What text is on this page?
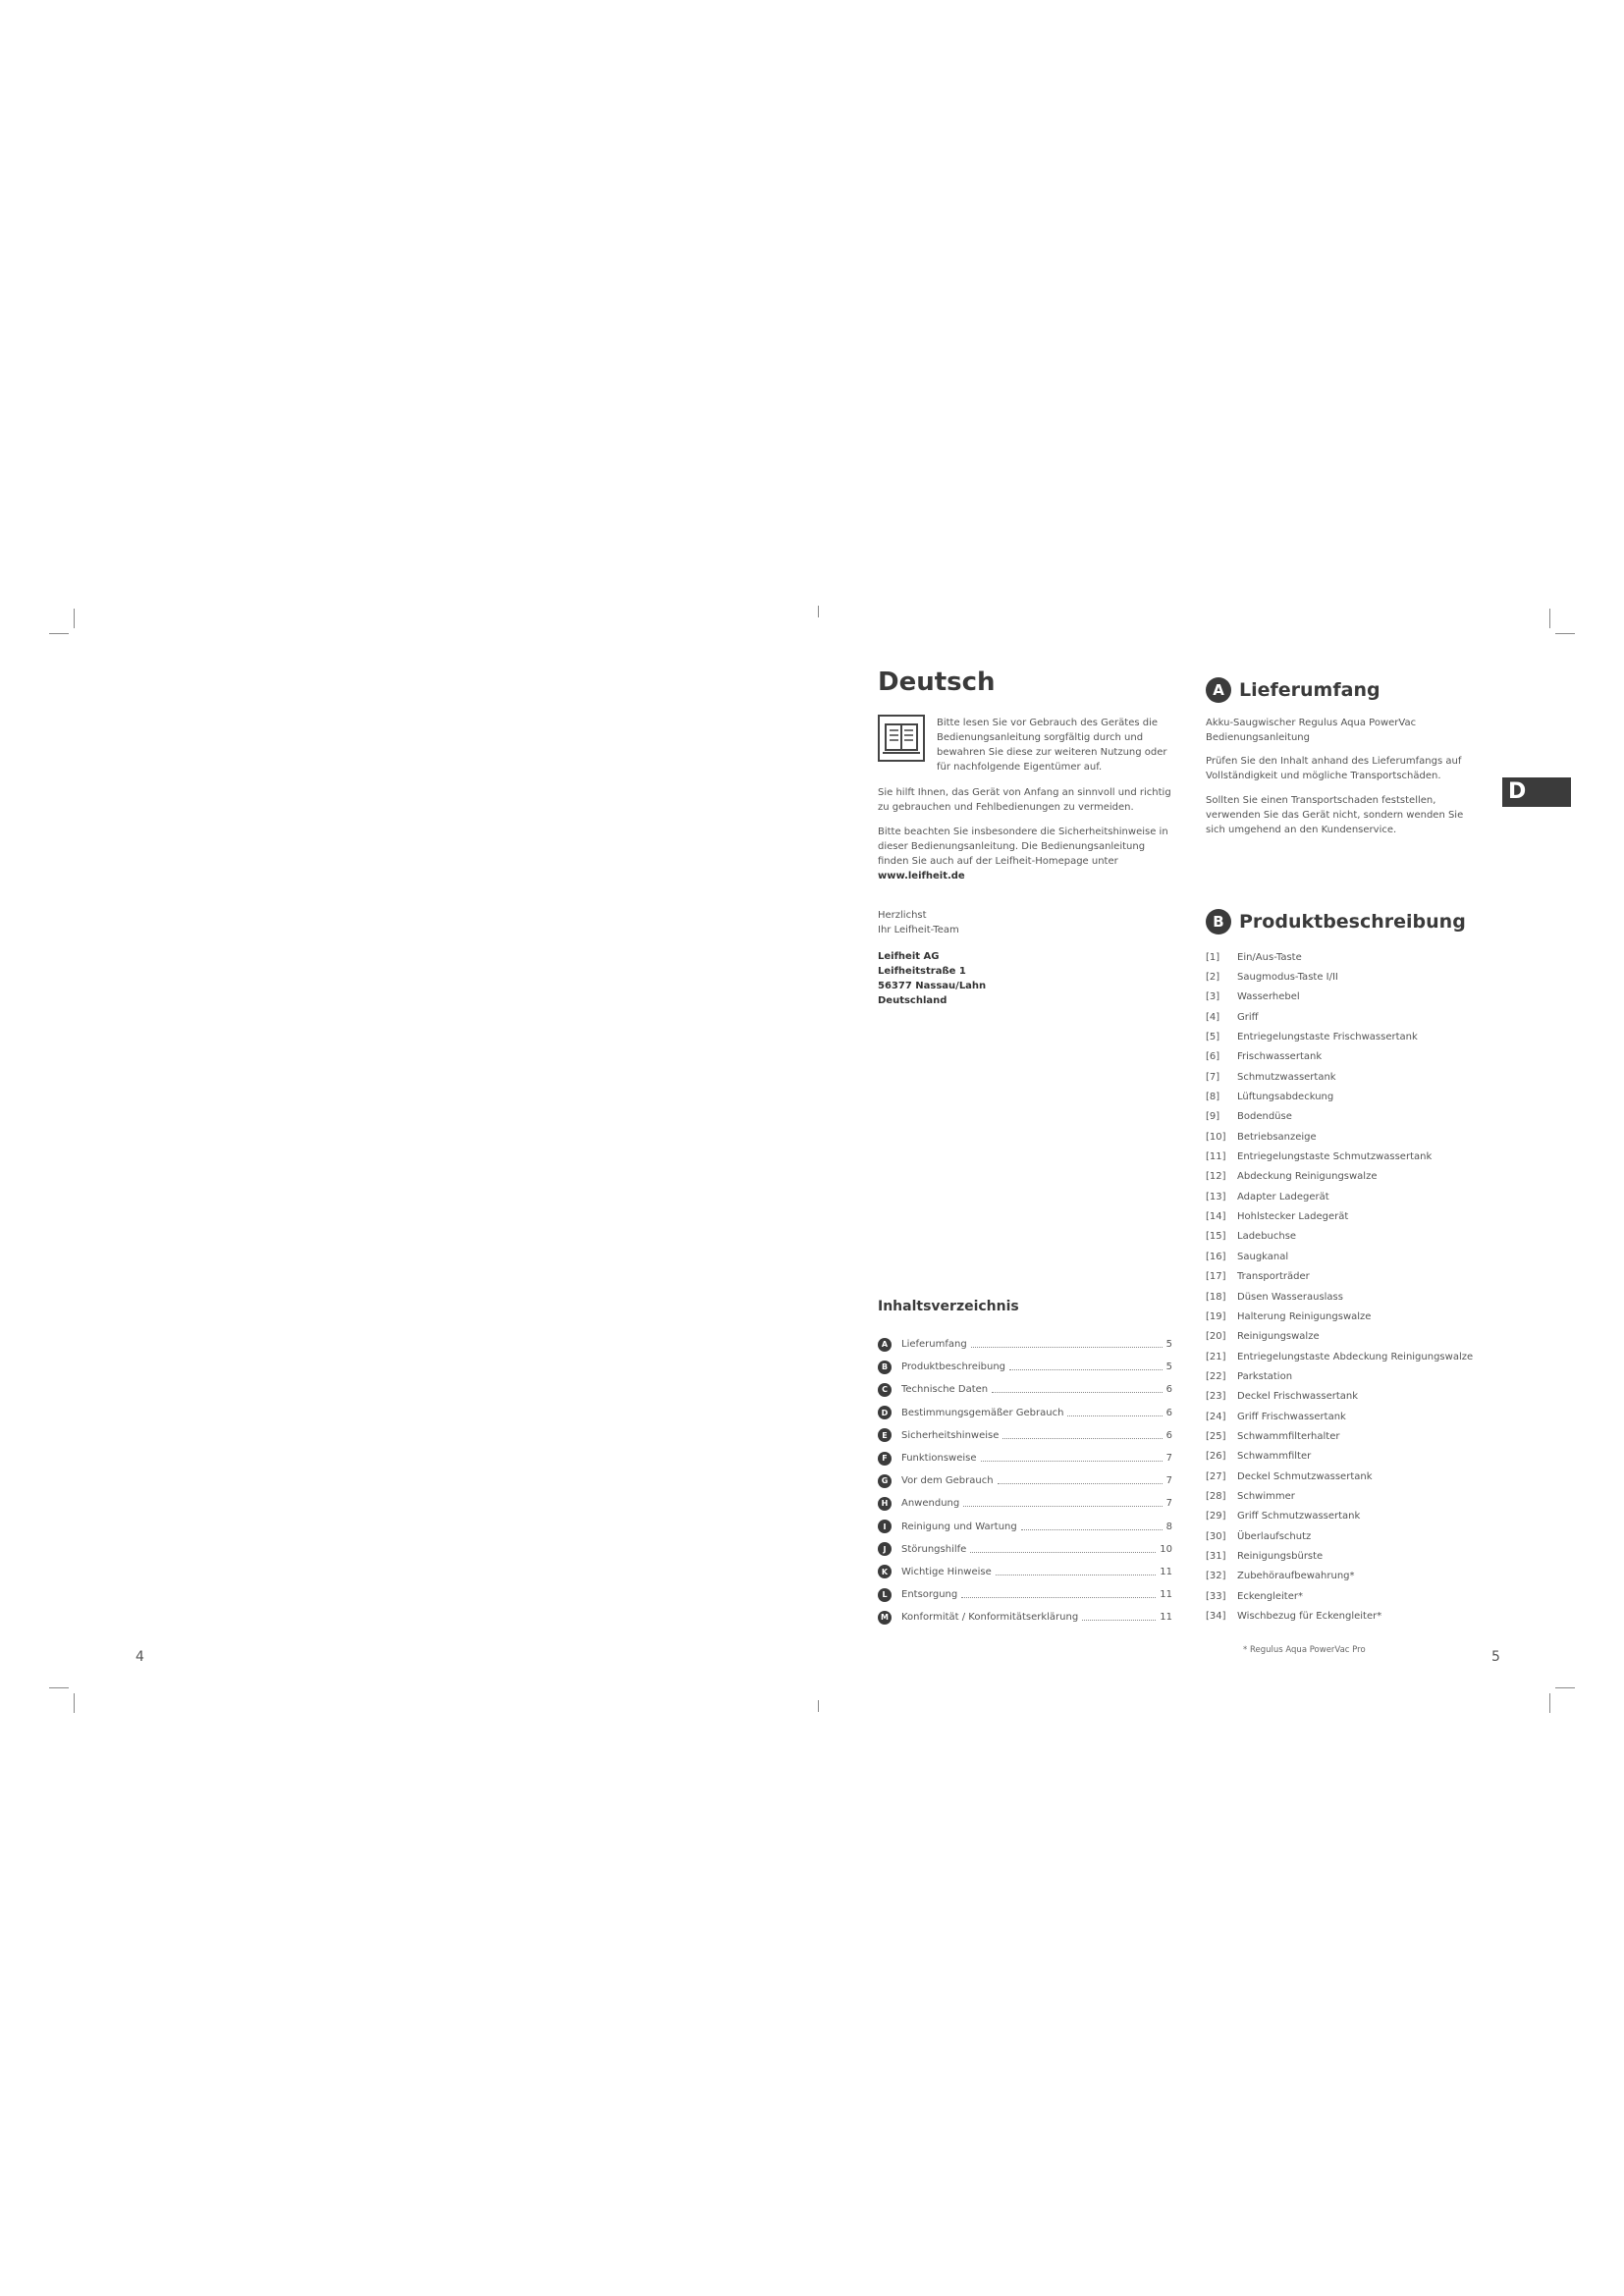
4	5
D
Deutsch
Bitte lesen Sie vor Gebrauch des Gerätes die Bedienungsanleitung sorgfältig durch und bewahren Sie diese zur weiteren Nutzung oder für nachfolgende Eigentümer auf.
Sie hilft Ihnen, das Gerät von Anfang an sinnvoll und richtig zu gebrauchen und Fehlbedienungen zu vermeiden.
Bitte beachten Sie insbesondere die Sicherheitshinweise in dieser Bedienungsanleitung. Die Bedienungsanleitung finden Sie auch auf der Leifheit-Homepage unter
www.leifheit.de
Herzlichst
Ihr Leifheit-Team
Leifheit AG
Leifheitstraße 1
56377 Nassau/Lahn
Deutschland
Inhaltsverzeichnis
A	Lieferumfang	5
B	Produktbeschreibung	5
C	Technische Daten	6
D	Bestimmungsgemäßer Gebrauch	6
E	Sicherheitshinweise	6
F	Funktionsweise	7
G	Vor dem Gebrauch	7
H	Anwendung	7
I	Reinigung und Wartung	8
J	Störungshilfe	10
K	Wichtige Hinweise	11
L	Entsorgung	11
M	Konformität / Konformitätserklärung	11
A Lieferumfang
Akku-Saugwischer Regulus Aqua PowerVac Bedienungsanleitung
Prüfen Sie den Inhalt anhand des Lieferumfangs auf Vollständigkeit und mögliche Transportschäden.
Sollten Sie einen Transportschaden feststellen, verwenden Sie das Gerät nicht, sondern wenden Sie sich umgehend an den Kundenservice.
B Produktbeschreibung
[1]	Ein/Aus-Taste
[2]	Saugmodus-Taste I/II
[3]	Wasserhebel
[4]	Griff
[5]	Entriegelungstaste Frischwassertank
[6]	Frischwassertank
[7]	Schmutzwassertank
[8]	Lüftungsabdeckung
[9]	Bodendüse
[10]	Betriebsanzeige
[11]	Entriegelungstaste Schmutzwassertank
[12]	Abdeckung Reinigungswalze
[13]	Adapter Ladegerät
[14]	Hohlstecker Ladegerät
[15]	Ladebuchse
[16]	Saugkanal
[17]	Transporträder
[18]	Düsen Wasserauslass
[19]	Halterung Reinigungswalze
[20]	Reinigungswalze
[21]	Entriegelungstaste Abdeckung Reinigungswalze
[22]	Parkstation
[23]	Deckel Frischwassertank
[24]	Griff Frischwassertank
[25]	Schwammfilterhalter
[26]	Schwammfilter
[27]	Deckel Schmutzwassertank
[28]	Schwimmer
[29]	Griff Schmutzwassertank
[30]	Überlaufschutz
[31]	Reinigungsbürste
[32]	Zubehöraufbewahrung*
[33]	Eckengleiter*
[34]	Wischbezug für Eckengleiter*
* Regulus Aqua PowerVac Pro
